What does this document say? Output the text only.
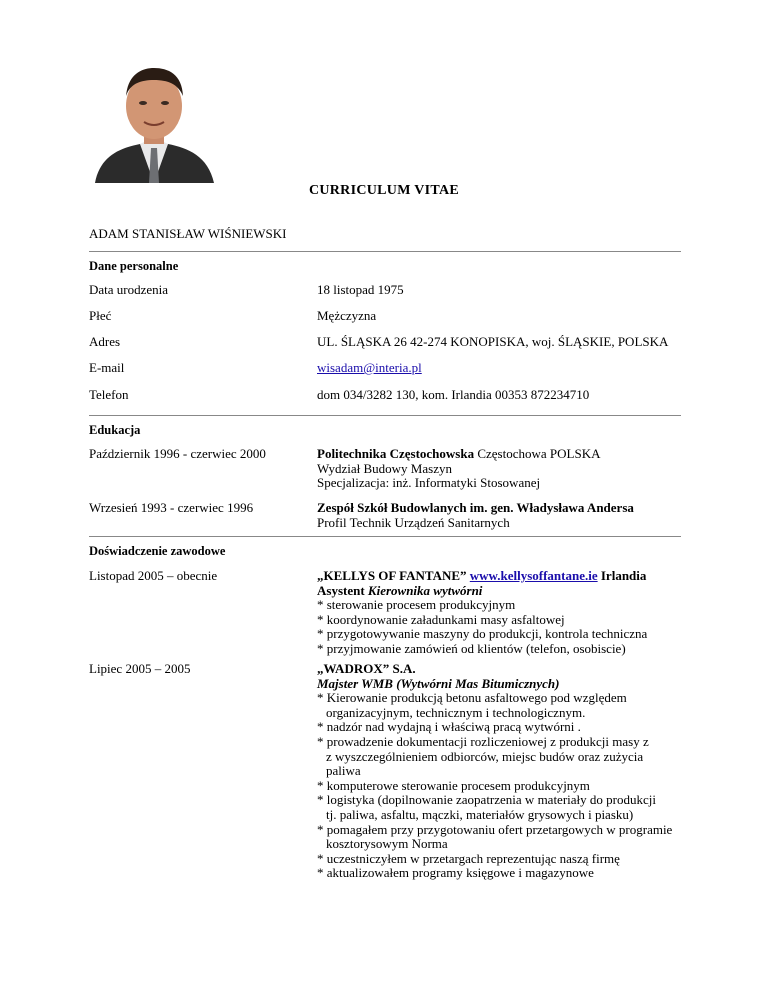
CURRICULUM VITAE
ADAM STANISŁAW WIŚNIEWSKI
Dane personalne
Data urodzenia	18 listopad 1975
Płeć	Mężczyzna
Adres	UL. ŚLĄSKA 26 42-274 KONOPISKA, woj. ŚLĄSKIE, POLSKA
E-mail	wisadam@interia.pl
Telefon	dom 034/3282 130, kom. Irlandia 00353 872234710
Edukacja
Październik 1996 - czerwiec 2000	Politechnika Częstochowska Częstochowa POLSKA
Wydział Budowy Maszyn
Specjalizacja: inż. Informatyki Stosowanej
Wrzesień 1993 - czerwiec 1996	Zespół Szkół Budowlanych im. gen. Władysława Andersa
Profil Technik Urządzeń Sanitarnych
Doświadczenie zawodowe
Listopad 2005 – obecnie	„KELLYS OF FANTANE” www.kellysoffantane.ie Irlandia
Asystent Kierownika wytwórni
* sterowanie procesem produkcyjnym
* koordynowanie załadunkami masy asfaltowej
* przygotowywanie maszyny do produkcji, kontrola techniczna
* przyjmowanie zamówień od klientów (telefon, osobiscie)
Lipiec 2005 – 2005	„WADROX” S.A.
Majster WMB (Wytwórni Mas Bitumicznych)
* Kierowanie produkcją betonu asfaltowego pod względem
organizacyjnym, technicznym i technologicznym.
* nadzór nad wydajną i właściwą pracą wytwórni .
* prowadzenie dokumentacji rozliczeniowej z produkcji masy z
z wyszczególnieniem odbiorców, miejsc budów oraz zużycia
paliwa
* komputerowe sterowanie procesem produkcyjnym
* logistyka (dopilnowanie zaopatrzenia w materiały do produkcji
tj. paliwa, asfaltu, mączki, materiałów grysowych i piasku)
* pomagałem przy przygotowaniu ofert przetargowych w programie
kosztorysowym Norma
* uczestniczyłem w przetargach reprezentując naszą firmę
* aktualizowałem programy księgowe i magazynowe
